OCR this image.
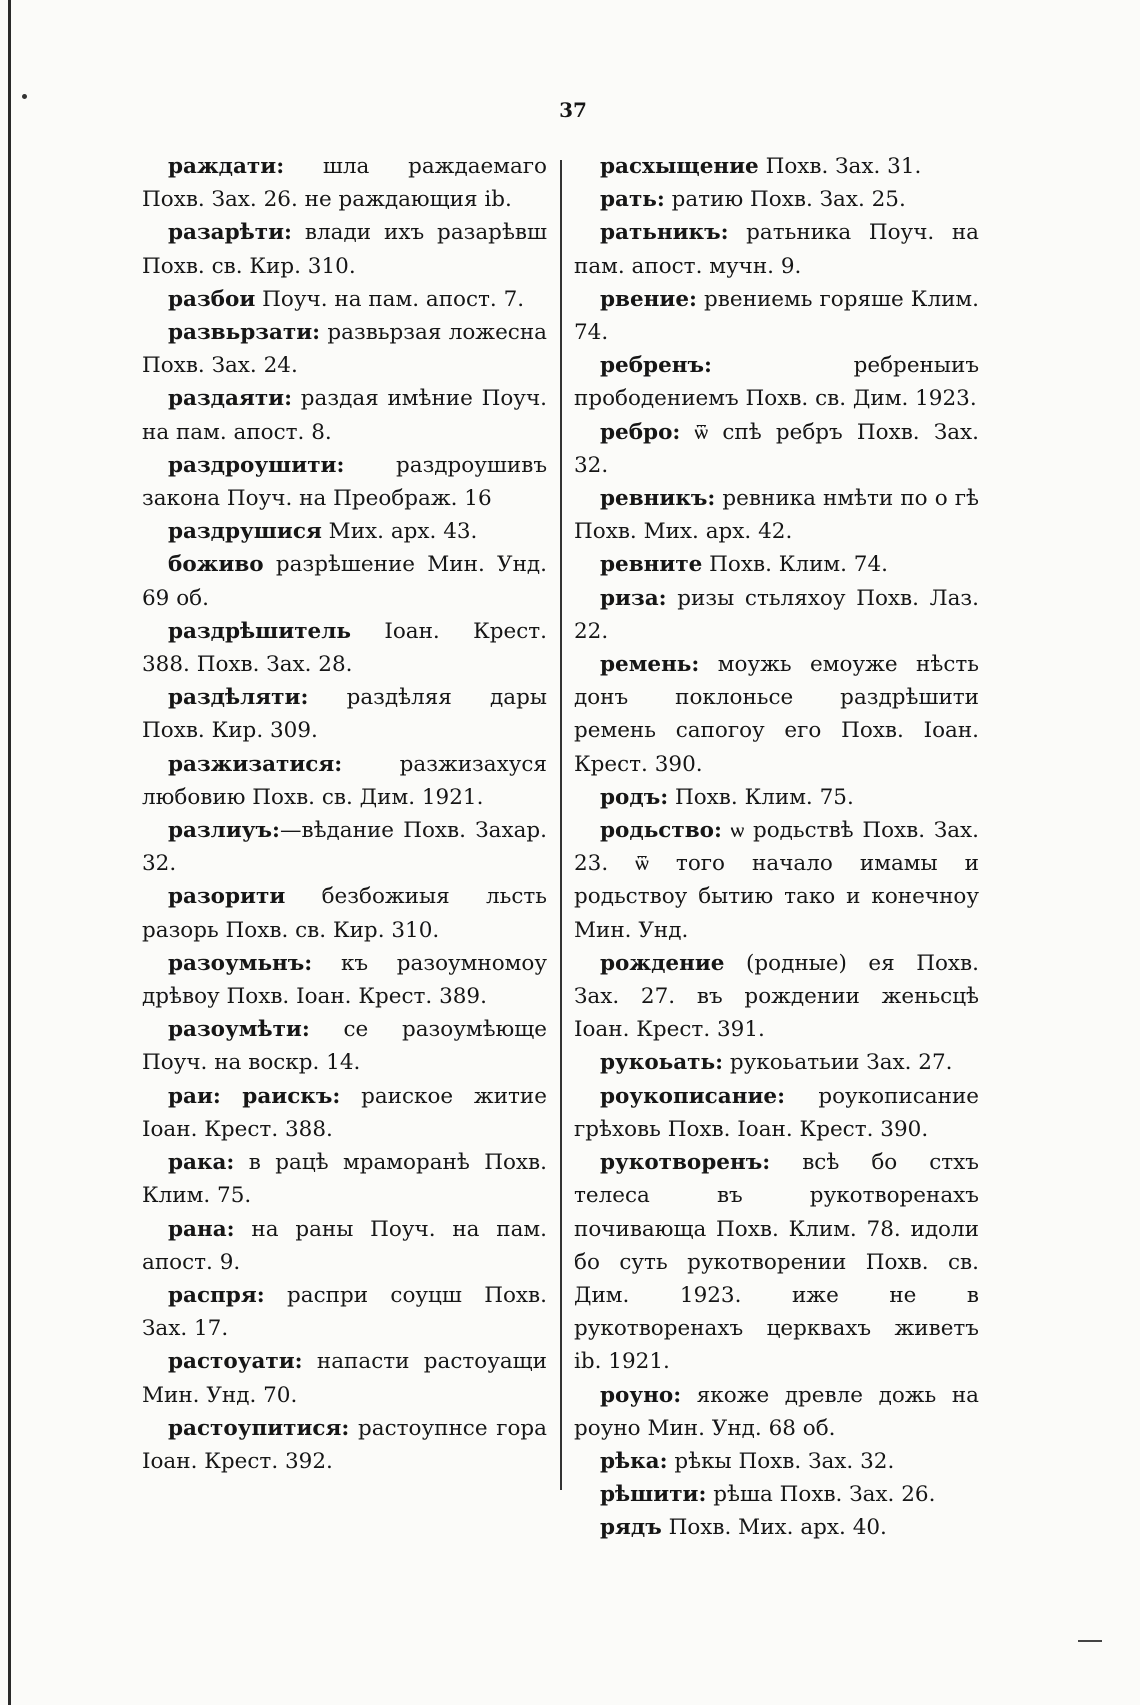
37

раждати: шла раждаемаго Похв. Зах. 26. не раждающия ib.

разарѣти: влади ихъ разарѣвш Похв. св. Кир. 310.

разбои Поуч. на пам. апост. 7.

развьрзати: развьрзая ложесна Похв. Зах. 24.

раздаяти: раздая имѣние Поуч. на пам. апост. 8.

раздроушити: раздроушивъ закона Поуч. на Преображ. 16

раздрушися Мих. арх. 43.

боживо разрѣшение Мин. Унд. 69 об.

раздрѣшитель Іоан. Крест. 388. Похв. Зах. 28.

раздѣляти: раздѣляя дары Похв. Кир. 309.

разжизатися: разжизахуся любовию Похв. св. Дим. 1921.

разлиуъ:—вѣдание Похв. Захар. 32.

разорити безбожиыя льсть разорь Похв. св. Кир. 310.

разоумьнъ: къ разоумномоу дрѣвоу Похв. Іоан. Крест. 389.

разоумѣти: се разоумѣюще Поуч. на воскр. 14.

раи: раискъ: раиское житие Іоан. Крест. 388.

рака: в рацѣ мраморанѣ Похв. Клим. 75.

рана: на раны Поуч. на пам. апост. 9.

распря: распри соуцш Похв. Зах. 17.

растоуати: напасти растоуащи Мин. Унд. 70.

растоупитися: растоупнсе гора Іоан. Крест. 392.

расхыщение Похв. Зах. 31.

рать: ратию Похв. Зах. 25.

ратьникъ: ратьника Поуч. на пам. апост. мучн. 9.

рвение: рвениемь горяше Клим. 74.

ребренъ: ребреныиъ прободениемъ Похв. св. Дим. 1923.

ребро: ѿ спѣ ребръ Похв. Зах. 32.

ревникъ: ревника нмѣти по о гѣ Похв. Мих. арх. 42.

ревните Похв. Клим. 74.

риза: ризы стьляхоу Похв. Лаз. 22.

ремень: моужь емоуже нѣсть донъ поклоньсе раздрѣшити ремень сапогоу его Похв. Іоан. Крест. 390.

родъ: Похв. Клим. 75.

родьство: ѡ родьствѣ Похв. Зах. 23. ѿ того начало имамы и родьствоу бытию тако и конечноу Мин. Унд.

рождение (родные) ея Похв. Зах. 27. въ рождении женьсцѣ Іоан. Крест. 391.

рукоьать: рукоьатьии Зах. 27.

роукописание: роукописание грѣховь Похв. Іоан. Крест. 390.

рукотворенъ: всѣ бо стхъ телеса въ рукотворенахъ почивающа Похв. Клим. 78. идоли бо суть рукотворении Похв. св. Дим. 1923. иже не в рукотворенахъ церквахъ живетъ ib. 1921.

роуно: якоже древле дожь на роуно Мин. Унд. 68 об.

рѣка: рѣкы Похв. Зах. 32.

рѣшити: рѣша Похв. Зах. 26.

рядъ Похв. Мих. арх. 40.
